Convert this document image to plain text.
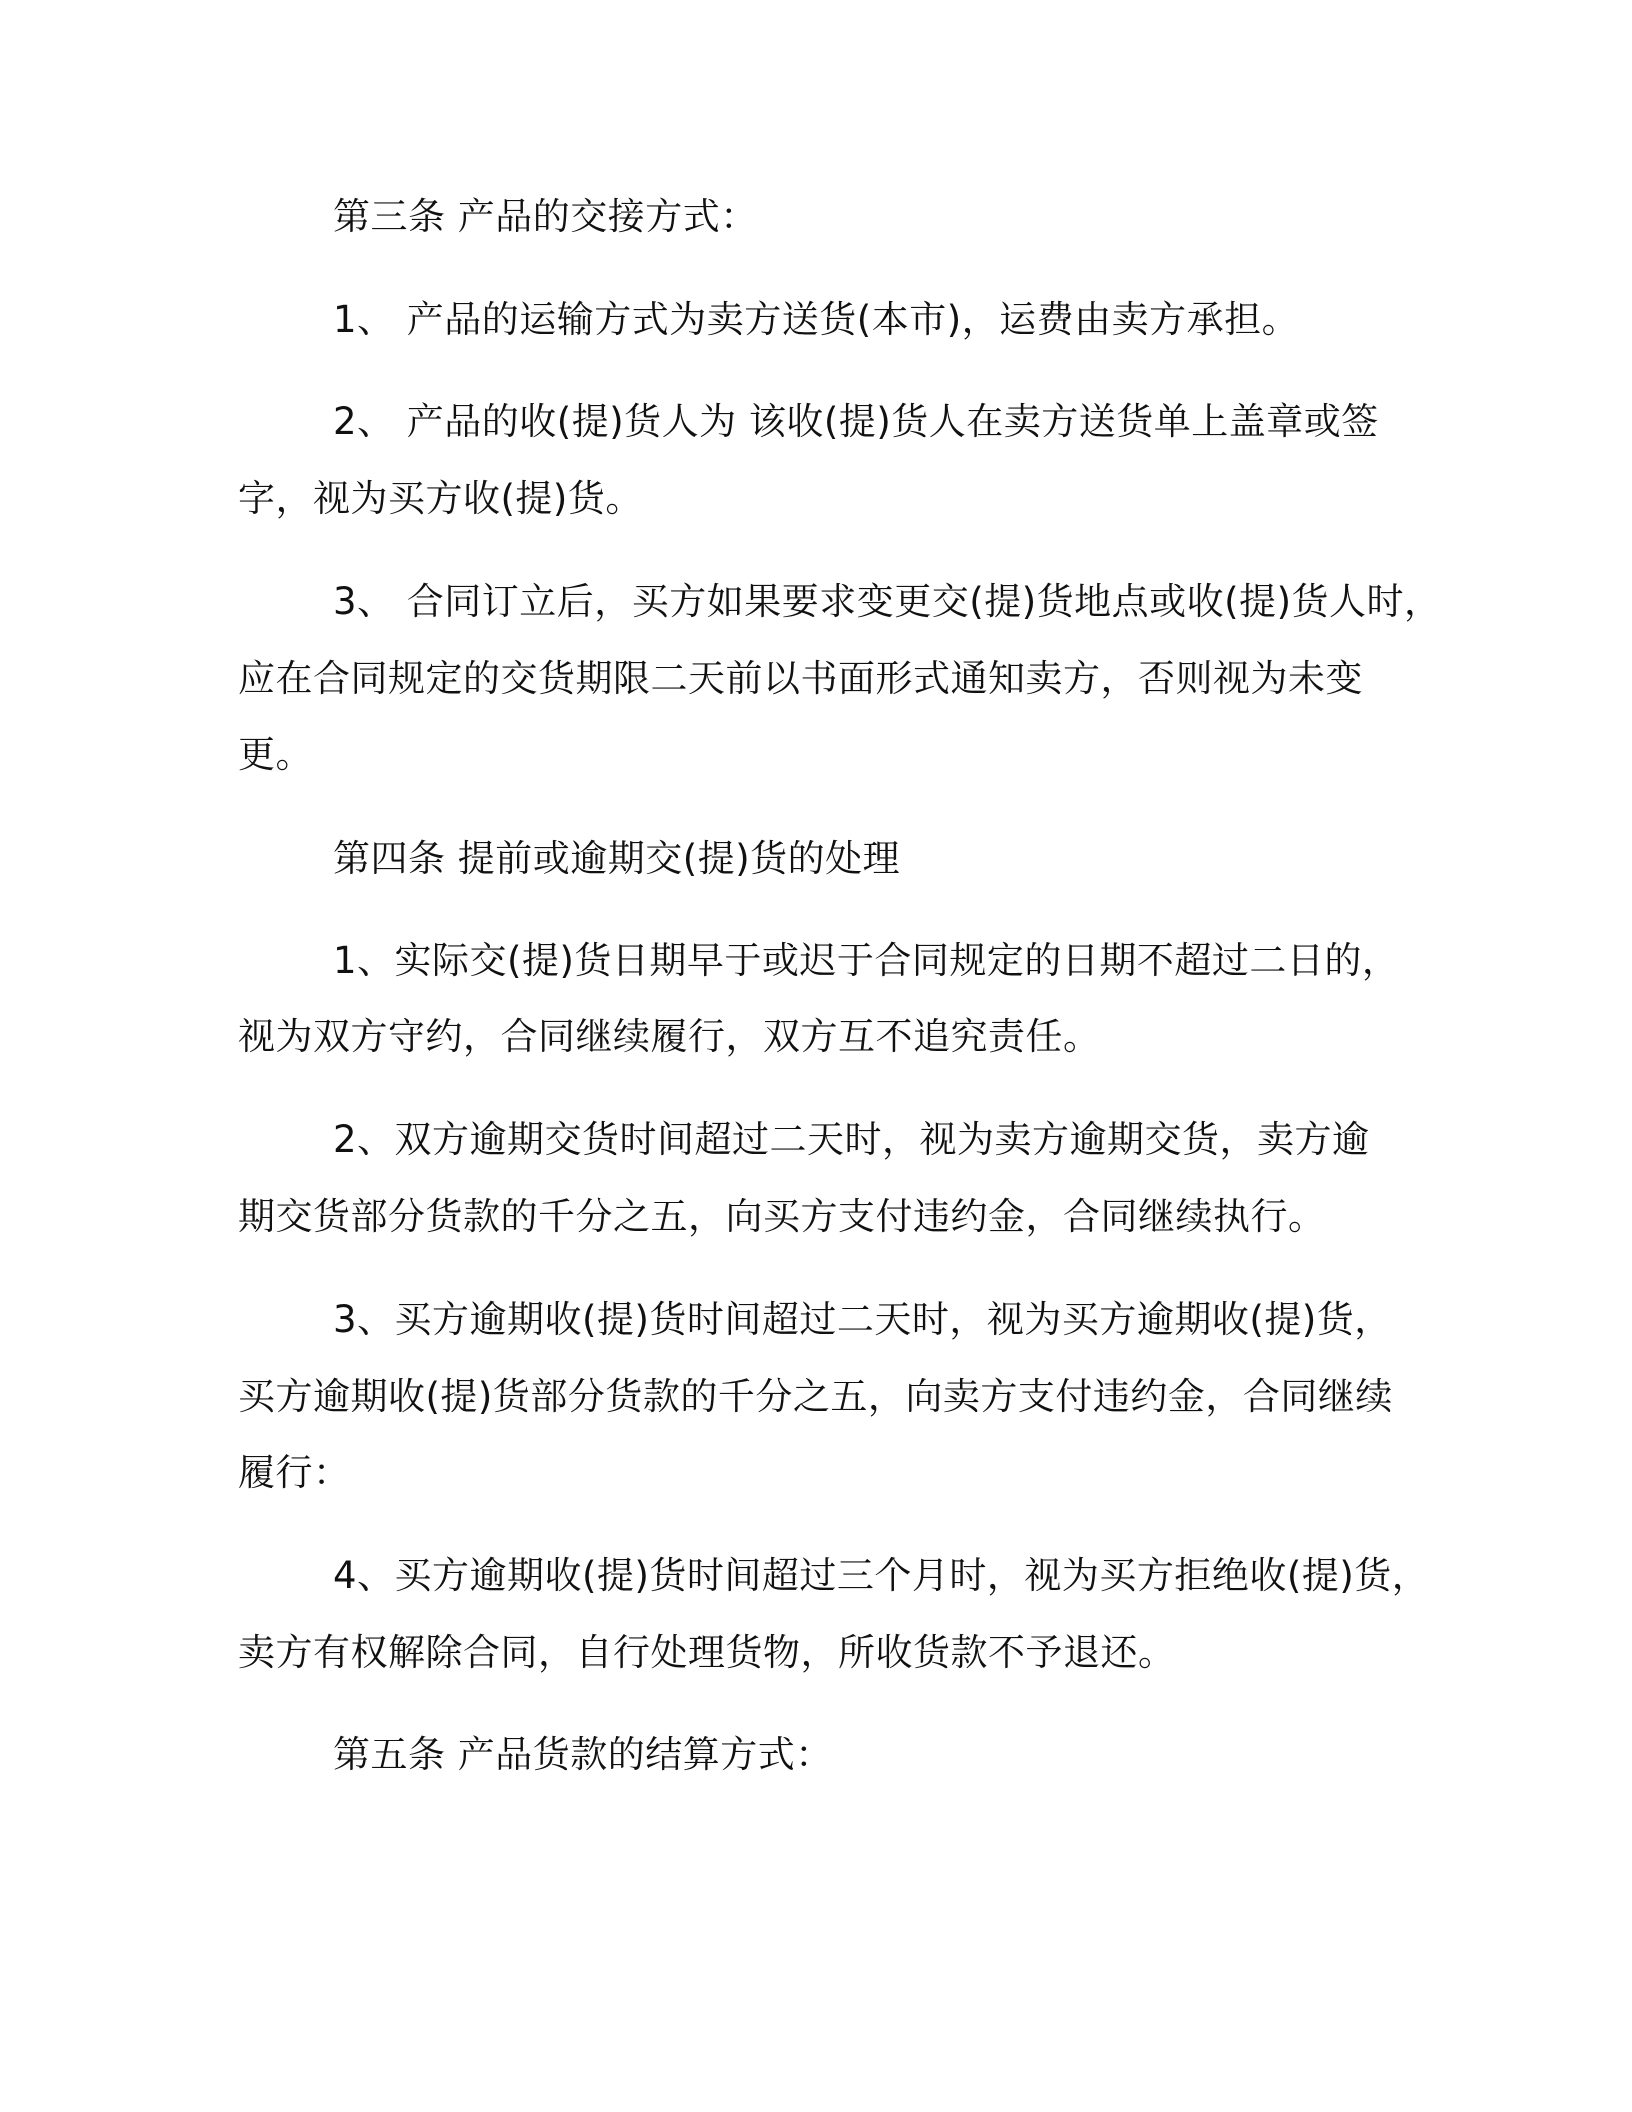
第三条 产品的交接方式：
1、 产品的运输方式为卖方送货(本市)，运费由卖方承担。
2、 产品的收(提)货人为 该收(提)货人在卖方送货单上盖章或签
字，视为买方收(提)货。
3、 合同订立后，买方如果要求变更交(提)货地点或收(提)货人时，
应在合同规定的交货期限二天前以书面形式通知卖方，否则视为未变
更。
第四条 提前或逾期交(提)货的处理
1、实际交(提)货日期早于或迟于合同规定的日期不超过二日的，
视为双方守约，合同继续履行，双方互不追究责任。
2、双方逾期交货时间超过二天时，视为卖方逾期交货，卖方逾
期交货部分货款的千分之五，向买方支付违约金，合同继续执行。
3、买方逾期收(提)货时间超过二天时，视为买方逾期收(提)货，
买方逾期收(提)货部分货款的千分之五，向卖方支付违约金，合同继续
履行：
4、买方逾期收(提)货时间超过三个月时，视为买方拒绝收(提)货，
卖方有权解除合同，自行处理货物，所收货款不予退还。
第五条 产品货款的结算方式：
